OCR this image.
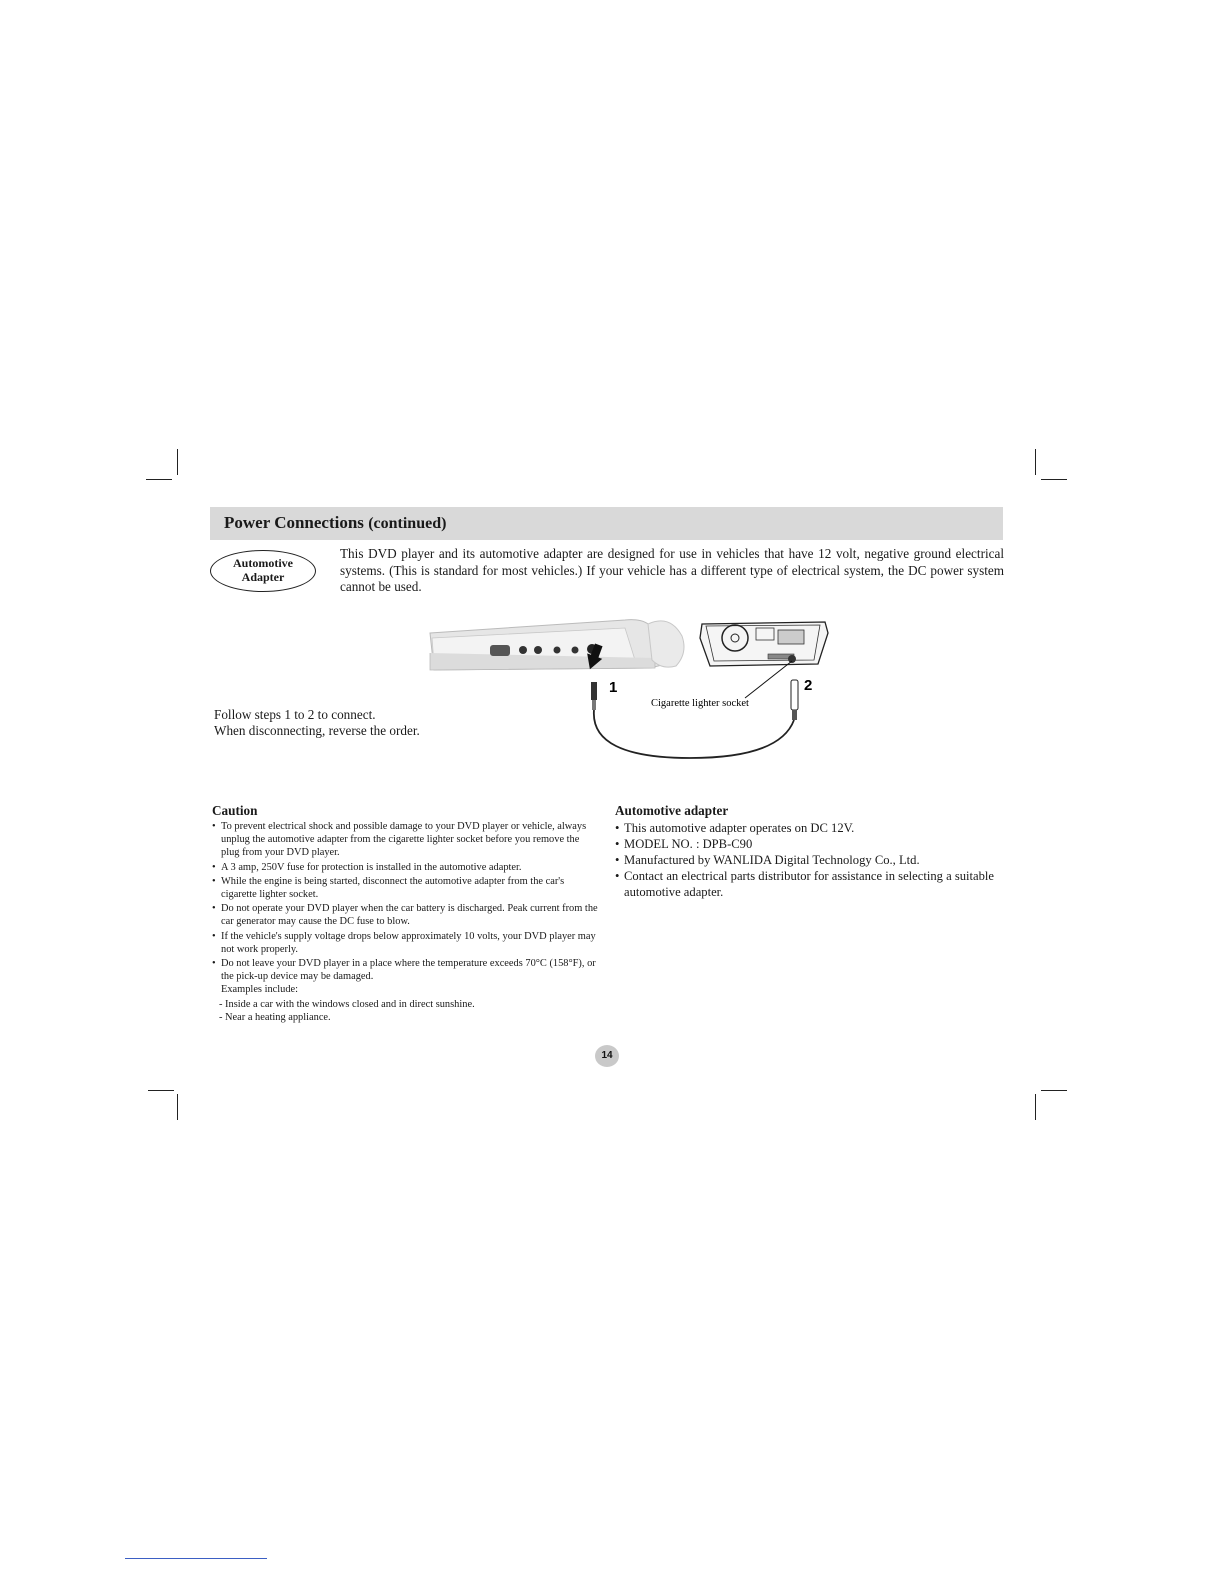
Power Connections (continued)
Automotive
Adapter

This DVD player and its automotive adapter are designed for use in vehicles that have 12 volt, negative ground electrical systems. (This is standard for most vehicles.) If your vehicle has a different type of electrical system, the DC power system cannot be used.

1	2
Cigarette lighter socket

Follow steps 1 to 2 to connect.

When disconnecting, reverse the order.

Caution
• To prevent electrical shock and possible damage to your DVD player or vehicle, always unplug the automotive adapter from the cigarette lighter socket before you remove the plug from your DVD player.
• A 3 amp, 250V fuse for protection is installed in the automotive adapter.
• While the engine is being started, disconnect the automotive adapter from the car's cigarette lighter socket.
• Do not operate your DVD player when the car battery is discharged. Peak current from the car generator may cause the DC fuse to blow.
• If the vehicle's supply voltage drops below approximately 10 volts, your DVD player may not work properly.
• Do not leave your DVD player in a place where the temperature exceeds 70°C (158°F), or the pick-up device may be damaged.
Examples include:
- Inside a car with the windows closed and in direct sunshine.
- Near a heating appliance.
Automotive adapter
• This automotive adapter operates on DC 12V.
• MODEL NO. : DPB-C90
• Manufactured by WANLIDA Digital Technology Co., Ltd.
• Contact an electrical parts distributor for assistance in selecting a suitable automotive adapter.
14
